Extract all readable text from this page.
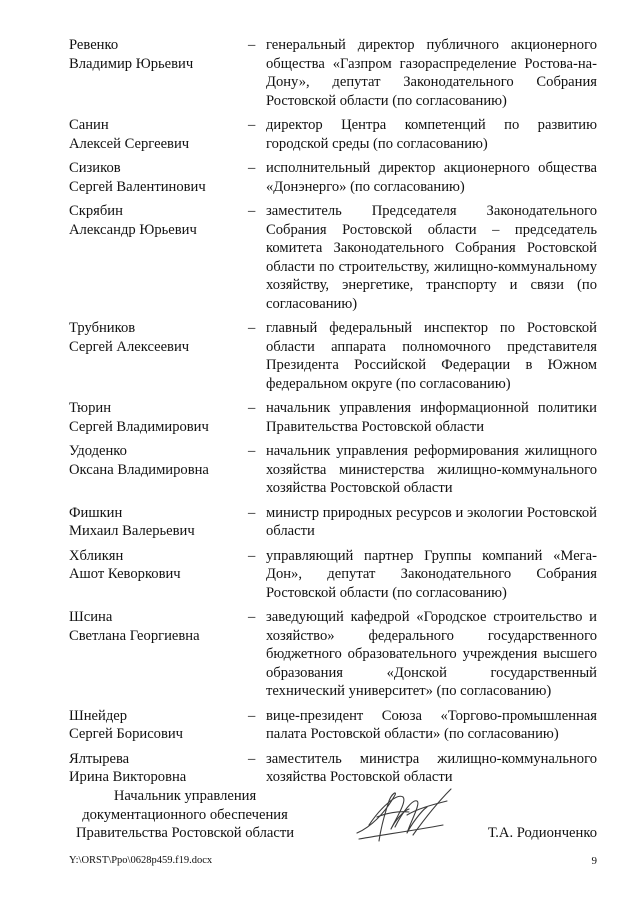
Ревенко
Владимир Юрьевич
– генеральный директор публичного акционерного общества «Газпром газораспределение Ростова-на-Дону», депутат Законодательного Собрания Ростовской области (по согласованию)
Санин
Алексей Сергеевич
– директор Центра компетенций по развитию городской среды (по согласованию)
Сизиков
Сергей Валентинович
– исполнительный директор акционерного общества «Донэнерго» (по согласованию)
Скрябин
Александр Юрьевич
– заместитель Председателя Законодательного Собрания Ростовской области – председатель комитета Законодательного Собрания Ростовской области по строительству, жилищно-коммунальному хозяйству, энергетике, транспорту и связи (по согласованию)
Трубников
Сергей Алексеевич
– главный федеральный инспектор по Ростовской области аппарата полномочного представителя Президента Российской Федерации в Южном федеральном округе (по согласованию)
Тюрин
Сергей Владимирович
– начальник управления информационной политики Правительства Ростовской области
Удоденко
Оксана Владимировна
– начальник управления реформирования жилищного хозяйства министерства жилищно-коммунального хозяйства Ростовской области
Фишкин
Михаил Валерьевич
– министр природных ресурсов и экологии Ростовской области
Хбликян
Ашот Кеворкович
– управляющий партнер Группы компаний «Мега-Дон», депутат Законодательного Собрания Ростовской области (по согласованию)
Шсина
Светлана Георгиевна
– заведующий кафедрой «Городское строительство и хозяйство» федерального государственного бюджетного образовательного учреждения высшего образования «Донской государственный технический университет» (по согласованию)
Шнейдер
Сергей Борисович
– вице-президент Союза «Торгово-промышленная палата Ростовской области» (по согласованию)
Ялтырева
Ирина Викторовна
– заместитель министра жилищно-коммунального хозяйства Ростовской области
Начальник управления
документационного обеспечения
Правительства Ростовской области	Т.А. Родионченко
Y:\ORST\Ppo\0628p459.f19.docx	9
